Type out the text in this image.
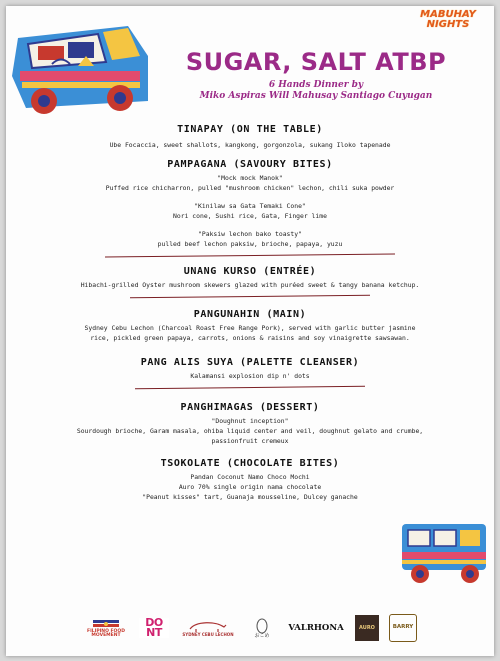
MABUHAY
NIGHTS
SUGAR, SALT ATBP
6 Hands Dinner by
Miko Aspiras Will Mahusay Santiago Cuyugan
TINAPAY (ON THE TABLE)
Ube Focaccia, sweet shallots, kangkong, gorgonzola, sukang Iloko tapenade
PAMPAGANA (SAVOURY BITES)
"Mock mock Manok"
Puffed rice chicharron, pulled "mushroom chicken" lechon, chili suka powder
"Kinilaw sa Gata Temaki Cone"
Nori cone, Sushi rice, Gata, Finger lime
"Paksiw lechon bako toasty"
pulled beef lechon paksiw, brioche, papaya, yuzu
UNANG KURSO (ENTRÉE)
Hibachi-grilled Oyster mushroom skewers glazed with puréed sweet & tangy banana ketchup.
PANGUNAHIN (MAIN)
Sydney Cebu Lechon (Charcoal Roast Free Range Pork), served with garlic butter jasmine
rice, pickled green papaya, carrots, onions & raisins and soy vinaigrette sawsawan.
PANG ALIS SUYA (PALETTE CLEANSER)
Kalamansi explosion dip n' dots
PANGHIMAGAS (DESSERT)
"Doughnut inception"
Sourdough brioche, Garam masala, ohiba liquid center and veil, doughnut gelato and crumbe,
passionfruit cremeux
TSOKOLATE (CHOCOLATE BITES)
Pandan Coconut Namo Choco Mochi
Auro 70% single origin nama chocolate
"Peanut kisses" tart, Guanaja mousseline, Dulcey ganache
FILIPINO FOOD MOVEMENT
DO NT	SYDNEY CEBU LECHON	おこめ
VALRHONA	AURO	BARRY
